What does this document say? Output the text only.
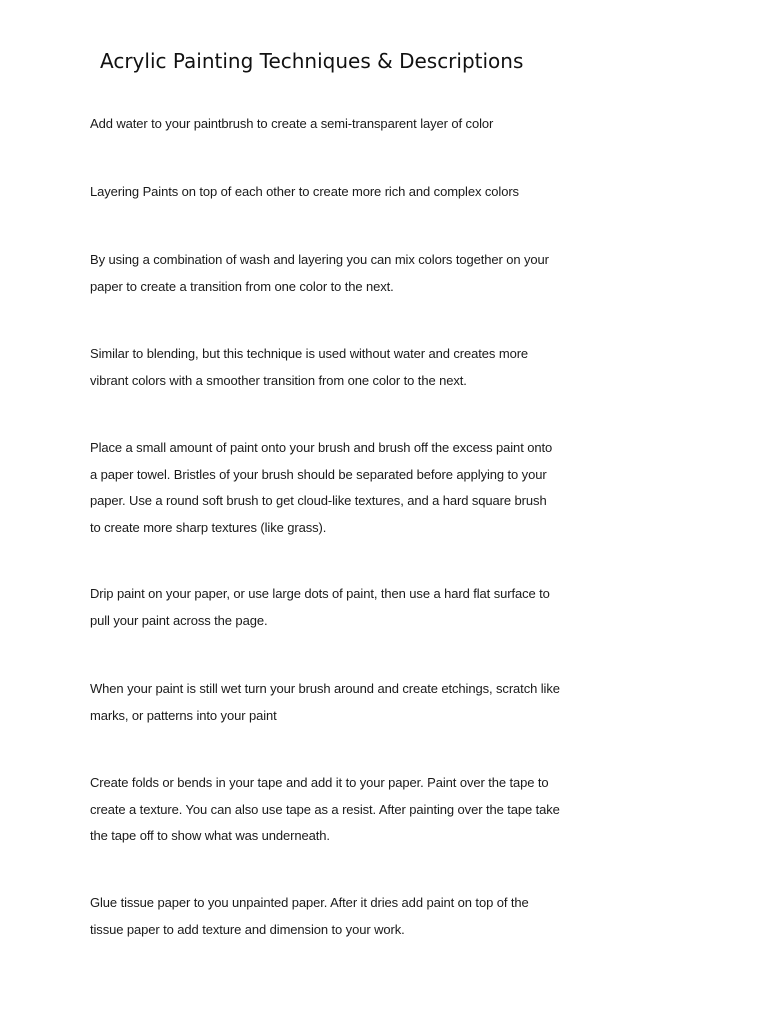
Acrylic Painting Techniques & Descriptions

Add water to your paintbrush to create a semi-transparent layer of color

Layering Paints on top of each other to create more rich and complex colors

By using a combination of wash and layering you can mix colors together on your paper to create a transition from one color to the next.

Similar to blending, but this technique is used without water and creates more vibrant colors with a smoother transition from one color to the next.

Place a small amount of paint onto your brush and brush off the excess paint onto a paper towel. Bristles of your brush should be separated before applying to your paper. Use a round soft brush to get cloud-like textures, and a hard square brush to create more sharp textures (like grass).

Drip paint on your paper, or use large dots of paint, then use a hard flat surface to pull your paint across the page.

When your paint is still wet turn your brush around and create etchings, scratch like marks, or patterns into your paint

Create folds or bends in your tape and add it to your paper. Paint over the tape to create a texture. You can also use tape as a resist. After painting over the tape take the tape off to show what was underneath.

Glue tissue paper to you unpainted paper. After it dries add paint on top of the tissue paper to add texture and dimension to your work.
